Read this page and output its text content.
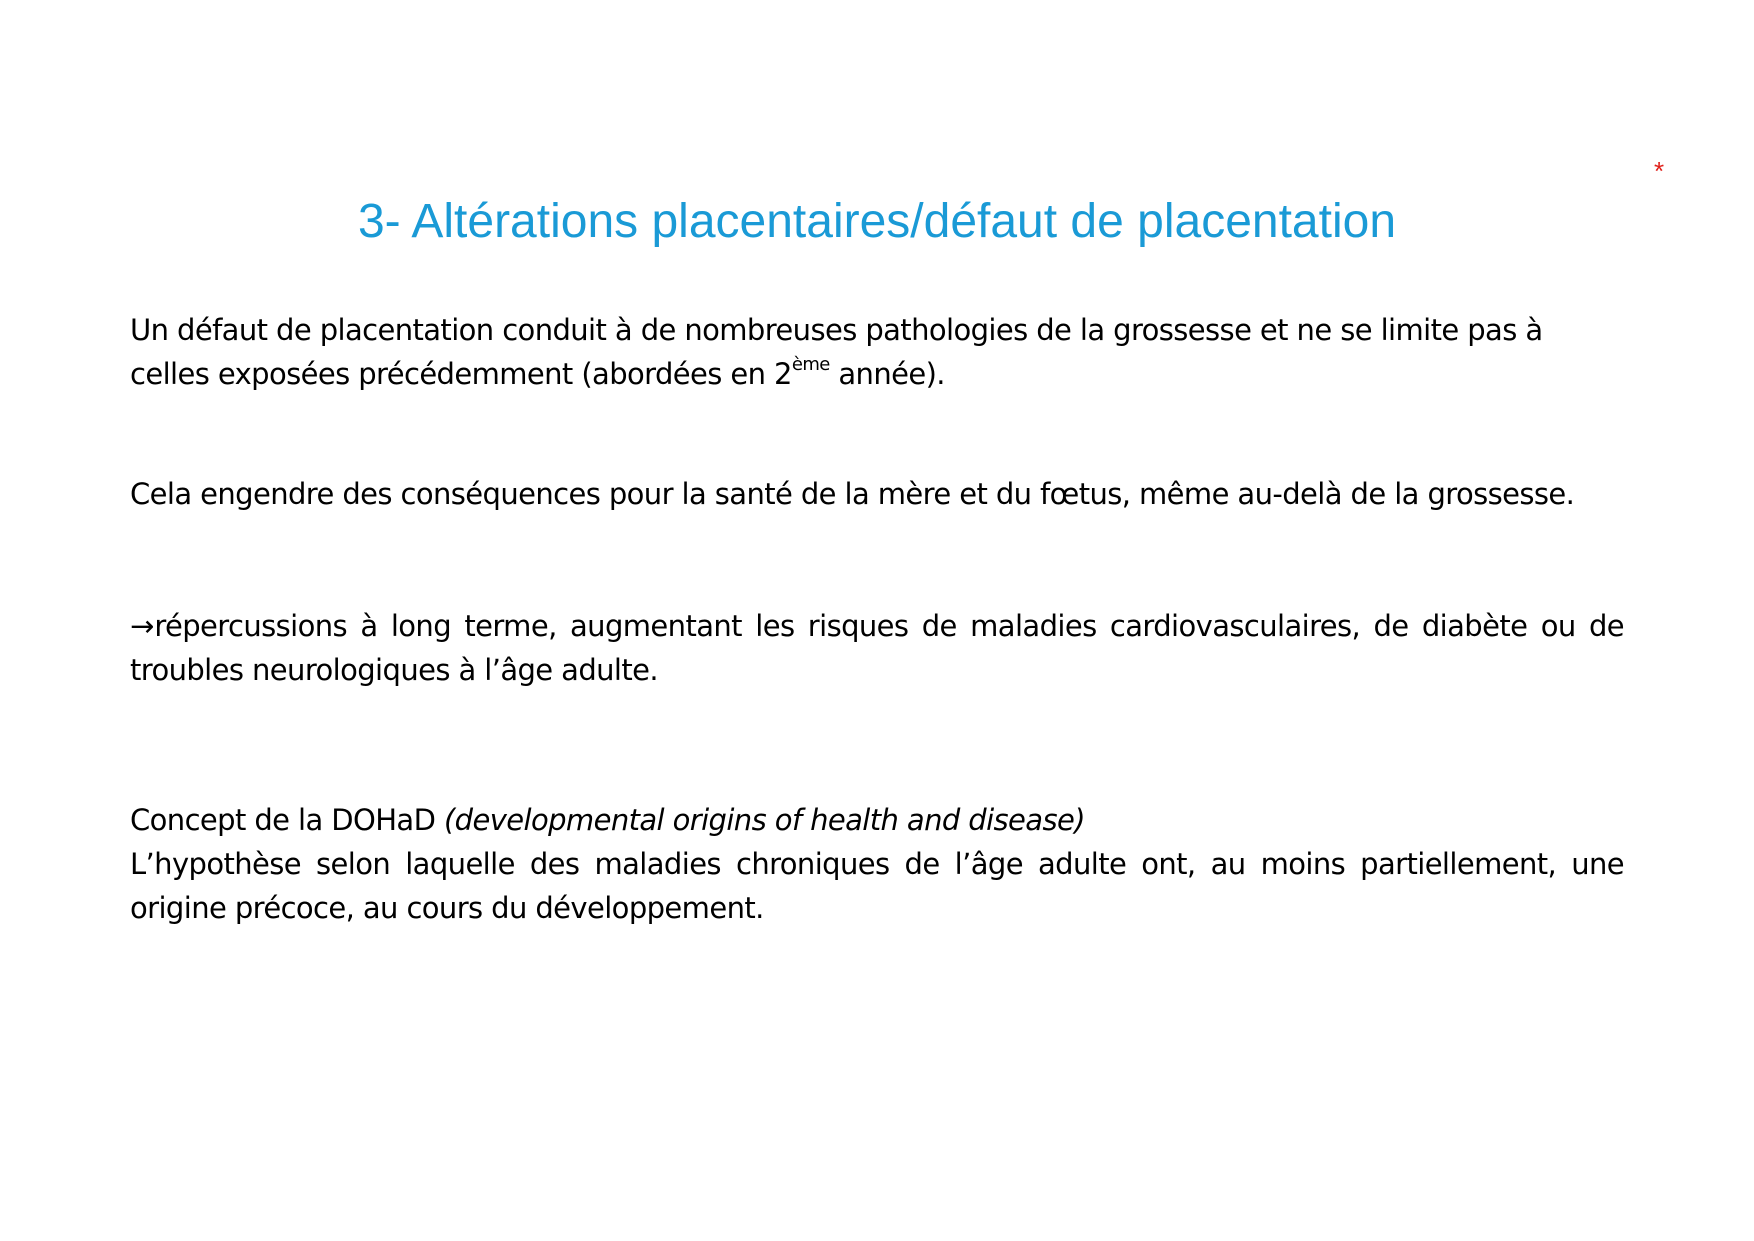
*
3- Altérations placentaires/défaut de placentation
Un défaut de placentation conduit à de nombreuses pathologies de la grossesse et ne se limite pas à celles exposées précédemment (abordées en 2ème année).
Cela engendre des conséquences pour la santé de la mère et du fœtus, même au-delà de la grossesse.
→répercussions à long terme, augmentant les risques de maladies cardiovasculaires, de diabète ou de troubles neurologiques à l’âge adulte.
Concept de la DOHaD (developmental origins of health and disease)
L’hypothèse selon laquelle des maladies chroniques de l’âge adulte ont, au moins partiellement, une origine précoce, au cours du développement.
